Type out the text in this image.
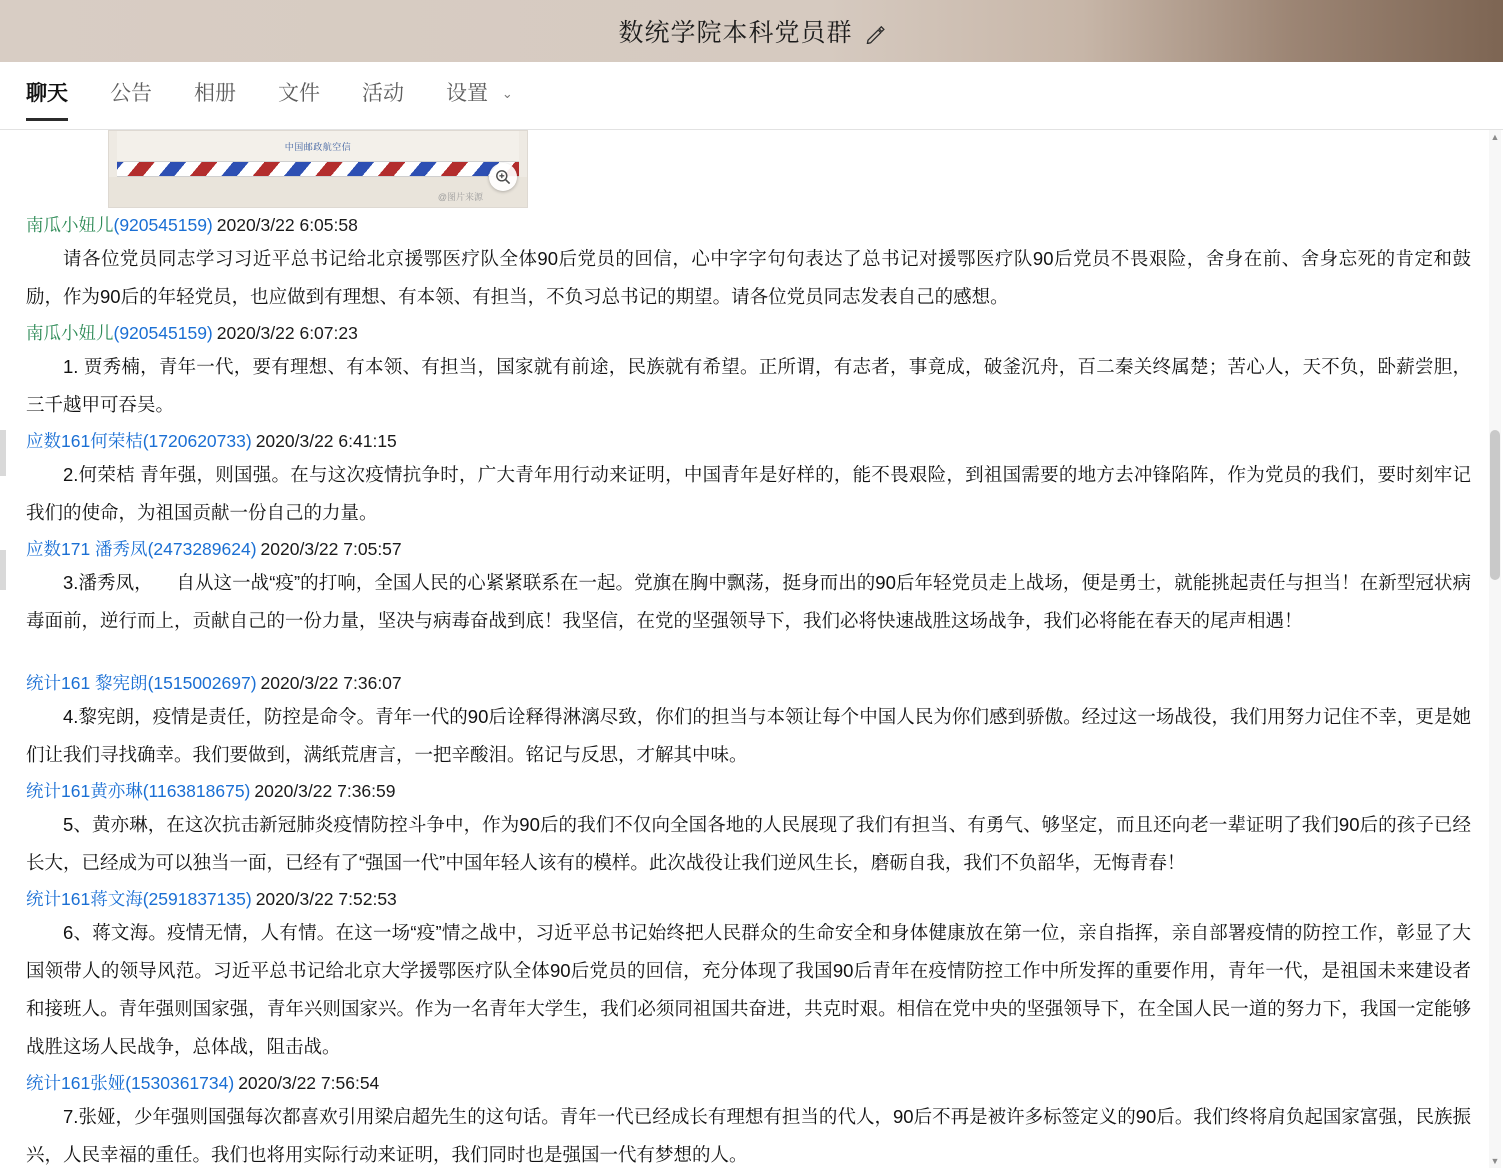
数统学院本科党员群
聊天 公告 相册 文件 活动 设置 ⌄
中国邮政航空信
@图片来源
南瓜小妞儿(920545159) 2020/3/22 6:05:58
请各位党员同志学习习近平总书记给北京援鄂医疗队全体90后党员的回信，心中字字句句表达了总书记对援鄂医疗队90后党员不畏艰险，舍身在前、舍身忘死的肯定和鼓励，作为90后的年轻党员，也应做到有理想、有本领、有担当，不负习总书记的期望。请各位党员同志发表自己的感想。
南瓜小妞儿(920545159) 2020/3/22 6:07:23
1. 贾秀楠，青年一代，要有理想、有本领、有担当，国家就有前途，民族就有希望。正所谓，有志者，事竟成，破釜沉舟，百二秦关终属楚；苦心人，天不负，卧薪尝胆，三千越甲可吞吴。
应数161何荣桔(1720620733) 2020/3/22 6:41:15
2.何荣桔 青年强，则国强。在与这次疫情抗争时，广大青年用行动来证明，中国青年是好样的，能不畏艰险，到祖国需要的地方去冲锋陷阵，作为党员的我们，要时刻牢记我们的使命，为祖国贡献一份自己的力量。
应数171 潘秀凤(2473289624) 2020/3/22 7:05:57
3.潘秀凤， 　自从这一战“疫”的打响，全国人民的心紧紧联系在一起。党旗在胸中飘荡，挺身而出的90后年轻党员走上战场，便是勇士，就能挑起责任与担当！在新型冠状病毒面前，逆行而上，贡献自己的一份力量，坚决与病毒奋战到底！我坚信，在党的坚强领导下，我们必将快速战胜这场战争，我们必将能在春天的尾声相遇！
统计161 黎宪朗(1515002697) 2020/3/22 7:36:07
4.黎宪朗，疫情是责任，防控是命令。青年一代的90后诠释得淋漓尽致，你们的担当与本领让每个中国人民为你们感到骄傲。经过这一场战役，我们用努力记住不幸，更是她们让我们寻找确幸。我们要做到，满纸荒唐言，一把辛酸泪。铭记与反思，才解其中味。
统计161黄亦琳(1163818675) 2020/3/22 7:36:59
5、黄亦琳，在这次抗击新冠肺炎疫情防控斗争中，作为90后的我们不仅向全国各地的人民展现了我们有担当、有勇气、够坚定，而且还向老一辈证明了我们90后的孩子已经长大，已经成为可以独当一面，已经有了“强国一代”中国年轻人该有的模样。此次战役让我们逆风生长，磨砺自我，我们不负韶华，无悔青春！
统计161蒋文海(2591837135) 2020/3/22 7:52:53
6、蒋文海。疫情无情，人有情。在这一场“疫”情之战中，习近平总书记始终把人民群众的生命安全和身体健康放在第一位，亲自指挥，亲自部署疫情的防控工作，彰显了大国领带人的领导风范。习近平总书记给北京大学援鄂医疗队全体90后党员的回信，充分体现了我国90后青年在疫情防控工作中所发挥的重要作用，青年一代，是祖国未来建设者和接班人。青年强则国家强，青年兴则国家兴。作为一名青年大学生，我们必须同祖国共奋进，共克时艰。相信在党中央的坚强领导下，在全国人民一道的努力下，我国一定能够战胜这场人民战争，总体战，阻击战。
统计161张娅(1530361734) 2020/3/22 7:56:54
7.张娅，少年强则国强每次都喜欢引用梁启超先生的这句话。青年一代已经成长有理想有担当的代人，90后不再是被许多标签定义的90后。我们终将肩负起国家富强，民族振兴，人民幸福的重任。我们也将用实际行动来证明，我们同时也是强国一代有梦想的人。
▲
▼
